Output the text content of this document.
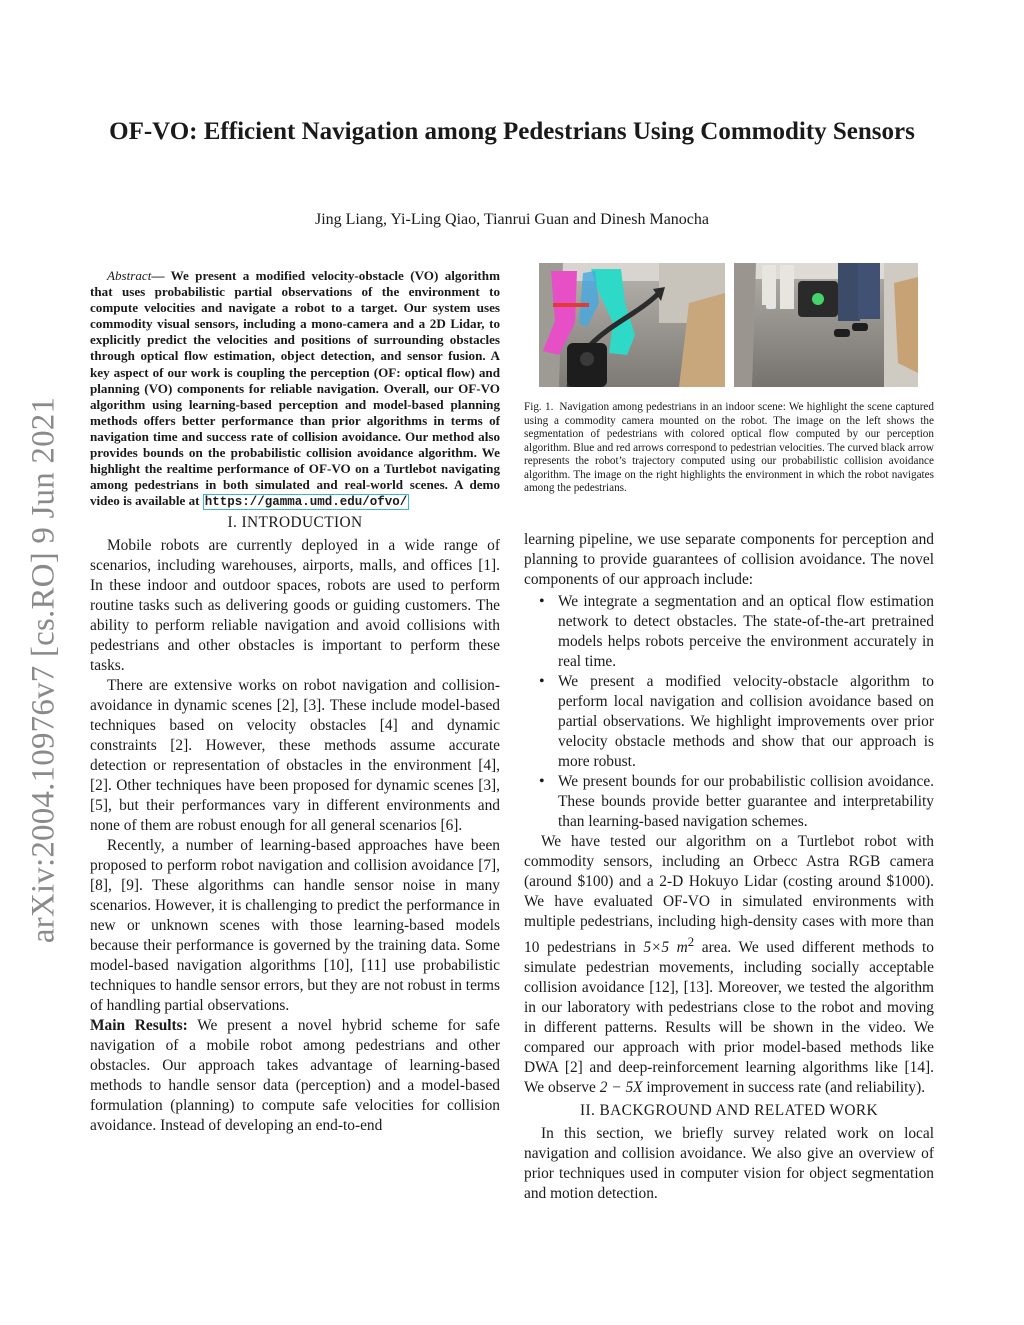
arXiv:2004.10976v7 [cs.RO] 9 Jun 2021
OF-VO: Efficient Navigation among Pedestrians Using Commodity Sensors
Jing Liang, Yi-Ling Qiao, Tianrui Guan and Dinesh Manocha

Abstract— We present a modified velocity-obstacle (VO) algorithm that uses probabilistic partial observations of the environment to compute velocities and navigate a robot to a target. Our system uses commodity visual sensors, including a mono-camera and a 2D Lidar, to explicitly predict the velocities and positions of surrounding obstacles through optical flow estimation, object detection, and sensor fusion. A key aspect of our work is coupling the perception (OF: optical flow) and planning (VO) components for reliable navigation. Overall, our OF-VO algorithm using learning-based perception and model-based planning methods offers better performance than prior algorithms in terms of navigation time and success rate of collision avoidance. Our method also provides bounds on the probabilistic collision avoidance algorithm. We highlight the realtime performance of OF-VO on a Turtlebot navigating among pedestrians in both simulated and real-world scenes. A demo video is available at https://gamma.umd.edu/ofvo/

I. INTRODUCTION

Mobile robots are currently deployed in a wide range of scenarios, including warehouses, airports, malls, and offices [1]. In these indoor and outdoor spaces, robots are used to perform routine tasks such as delivering goods or guiding customers. The ability to perform reliable navigation and avoid collisions with pedestrians and other obstacles is important to perform these tasks.

There are extensive works on robot navigation and collision-avoidance in dynamic scenes [2], [3]. These include model-based techniques based on velocity obstacles [4] and dynamic constraints [2]. However, these methods assume accurate detection or representation of obstacles in the environment [4], [2]. Other techniques have been proposed for dynamic scenes [3], [5], but their performances vary in different environments and none of them are robust enough for all general scenarios [6].

Recently, a number of learning-based approaches have been proposed to perform robot navigation and collision avoidance [7], [8], [9]. These algorithms can handle sensor noise in many scenarios. However, it is challenging to predict the performance in new or unknown scenes with those learning-based models because their performance is governed by the training data. Some model-based navigation algorithms [10], [11] use probabilistic techniques to handle sensor errors, but they are not robust in terms of handling partial observations.

Main Results: We present a novel hybrid scheme for safe navigation of a mobile robot among pedestrians and other obstacles. Our approach takes advantage of learning-based methods to handle sensor data (perception) and a model-based formulation (planning) to compute safe velocities for collision avoidance. Instead of developing an end-to-end

Fig. 1. Navigation among pedestrians in an indoor scene: We highlight the scene captured using a commodity camera mounted on the robot. The image on the left shows the segmentation of pedestrians with colored optical flow computed by our perception algorithm. Blue and red arrows correspond to pedestrian velocities. The curved black arrow represents the robot’s trajectory computed using our probabilistic collision avoidance algorithm. The image on the right highlights the environment in which the robot navigates among the pedestrians.

learning pipeline, we use separate components for perception and planning to provide guarantees of collision avoidance. The novel components of our approach include:

• We integrate a segmentation and an optical flow estimation network to detect obstacles. The state-of-the-art pretrained models helps robots perceive the environment accurately in real time.
• We present a modified velocity-obstacle algorithm to perform local navigation and collision avoidance based on partial observations. We highlight improvements over prior velocity obstacle methods and show that our approach is more robust.
• We present bounds for our probabilistic collision avoidance. These bounds provide better guarantee and interpretability than learning-based navigation schemes.

We have tested our algorithm on a Turtlebot robot with commodity sensors, including an Orbecc Astra RGB camera (around $100) and a 2-D Hokuyo Lidar (costing around $1000). We have evaluated OF-VO in simulated environments with multiple pedestrians, including high-density cases with more than 10 pedestrians in 5×5 $m^2$ area. We used different methods to simulate pedestrian movements, including socially acceptable collision avoidance [12], [13]. Moreover, we tested the algorithm in our laboratory with pedestrians close to the robot and moving in different patterns. Results will be shown in the video. We compared our approach with prior model-based methods like DWA [2] and deep-reinforcement learning algorithms like [14]. We observe 2 − 5X improvement in success rate (and reliability).

II. BACKGROUND AND RELATED WORK

In this section, we briefly survey related work on local navigation and collision avoidance. We also give an overview of prior techniques used in computer vision for object segmentation and motion detection.
